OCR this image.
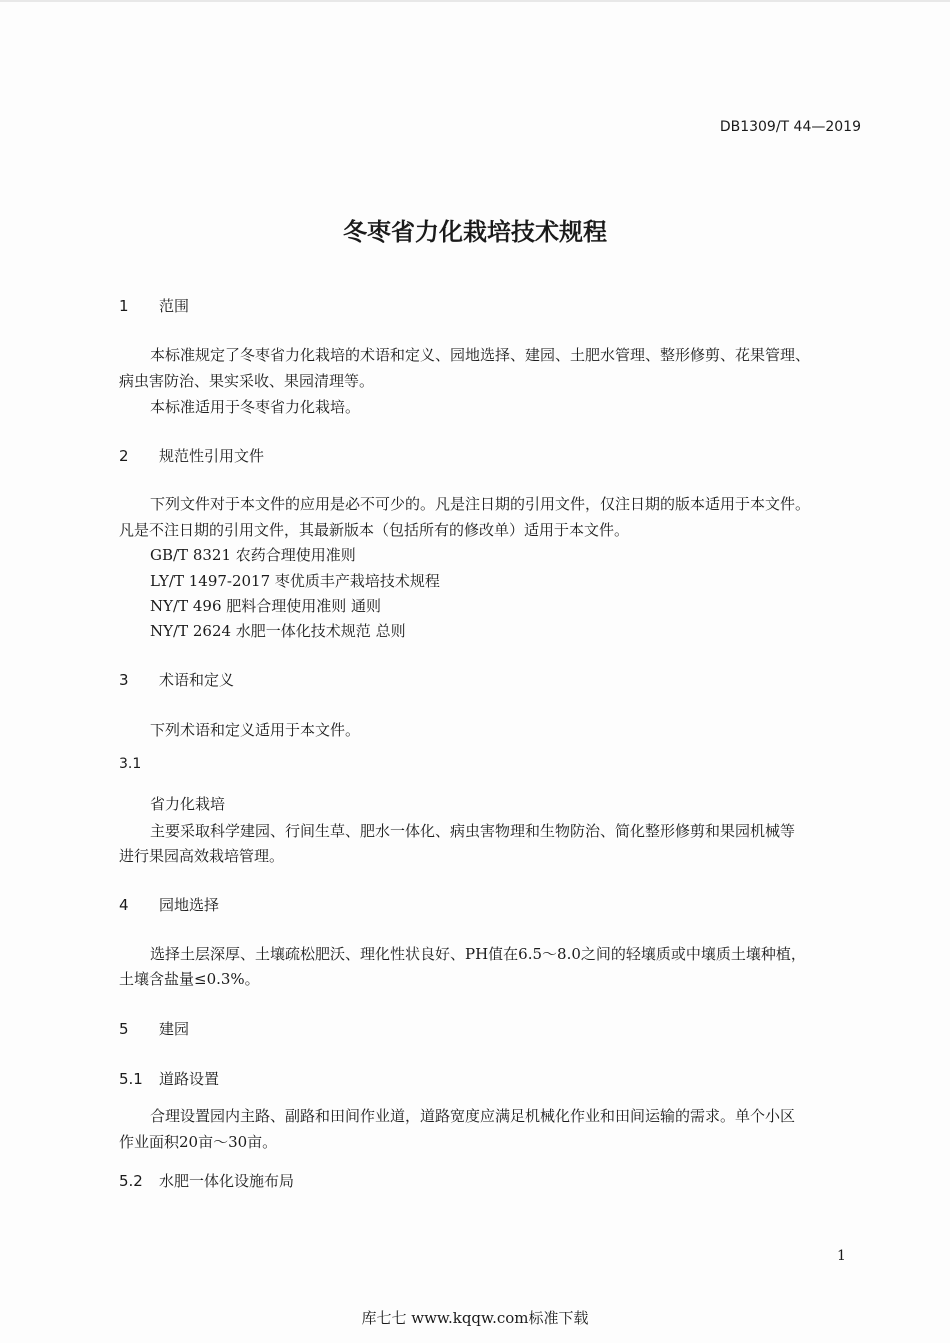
DB1309/T 44—2019
冬枣省力化栽培技术规程
1 范围
本标准规定了冬枣省力化栽培的术语和定义、园地选择、建园、土肥水管理、整形修剪、花果管理、
病虫害防治、果实采收、果园清理等。
本标准适用于冬枣省力化栽培。
2 规范性引用文件
下列文件对于本文件的应用是必不可少的。凡是注日期的引用文件，仅注日期的版本适用于本文件。
凡是不注日期的引用文件，其最新版本（包括所有的修改单）适用于本文件。
GB/T 8321 农药合理使用准则
LY/T 1497-2017 枣优质丰产栽培技术规程
NY/T 496 肥料合理使用准则 通则
NY/T 2624 水肥一体化技术规范 总则
3 术语和定义
下列术语和定义适用于本文件。
3.1
省力化栽培
主要采取科学建园、行间生草、肥水一体化、病虫害物理和生物防治、简化整形修剪和果园机械等
进行果园高效栽培管理。
4 园地选择
选择土层深厚、土壤疏松肥沃、理化性状良好、PH值在6.5～8.0之间的轻壤质或中壤质土壤种植，
土壤含盐量≤0.3%。
5 建园
5.1 道路设置
合理设置园内主路、副路和田间作业道，道路宽度应满足机械化作业和田间运输的需求。单个小区
作业面积20亩～30亩。
5.2 水肥一体化设施布局
1
库七七 www.kqqw.com标准下载
